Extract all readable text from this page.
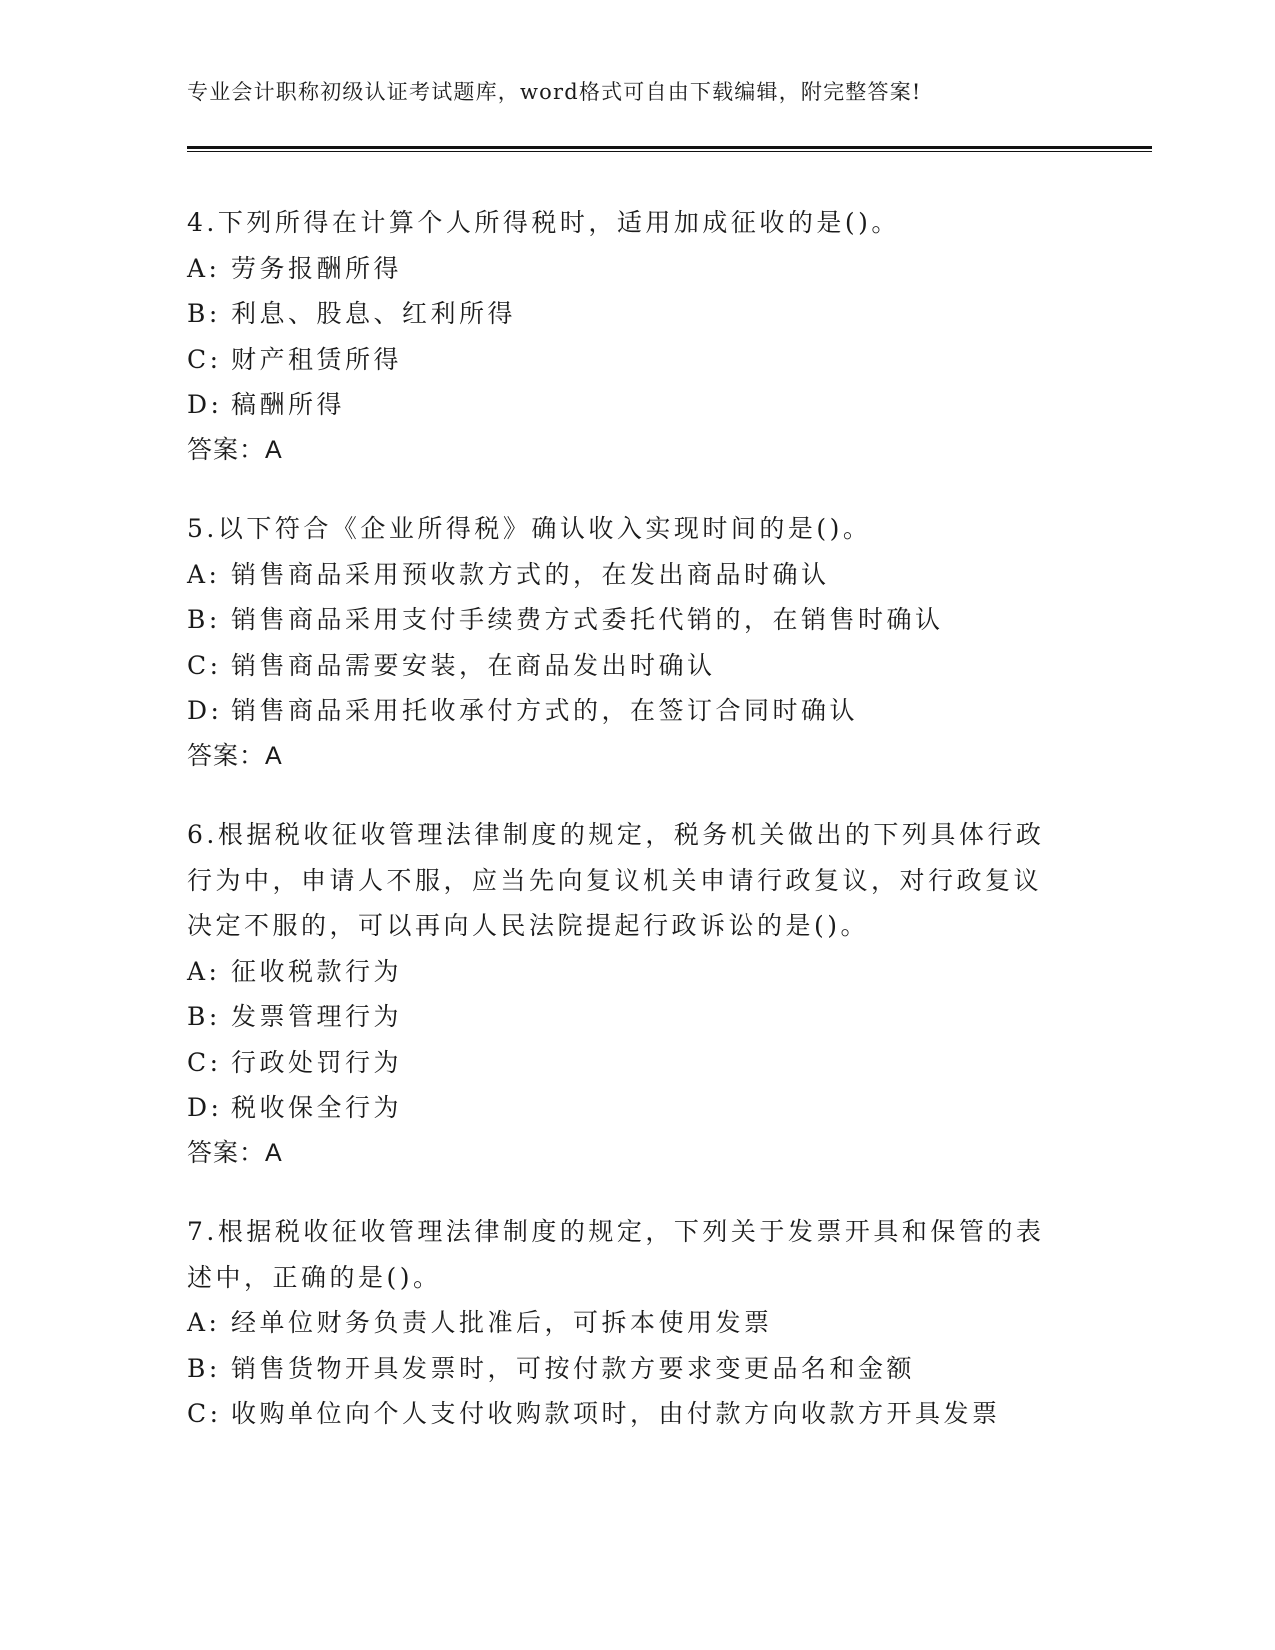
专业会计职称初级认证考试题库，word格式可自由下载编辑，附完整答案!
4.下列所得在计算个人所得税时，适用加成征收的是()。
A: 劳务报酬所得
B: 利息、股息、红利所得
C: 财产租赁所得
D: 稿酬所得
答案：A
5.以下符合《企业所得税》确认收入实现时间的是()。
A: 销售商品采用预收款方式的，在发出商品时确认
B: 销售商品采用支付手续费方式委托代销的，在销售时确认
C: 销售商品需要安装，在商品发出时确认
D: 销售商品采用托收承付方式的，在签订合同时确认
答案：A
6.根据税收征收管理法律制度的规定，税务机关做出的下列具体行政
行为中，申请人不服，应当先向复议机关申请行政复议，对行政复议
决定不服的，可以再向人民法院提起行政诉讼的是()。
A: 征收税款行为
B: 发票管理行为
C: 行政处罚行为
D: 税收保全行为
答案：A
7.根据税收征收管理法律制度的规定，下列关于发票开具和保管的表
述中，正确的是()。
A: 经单位财务负责人批准后，可拆本使用发票
B: 销售货物开具发票时，可按付款方要求变更品名和金额
C: 收购单位向个人支付收购款项时，由付款方向收款方开具发票
